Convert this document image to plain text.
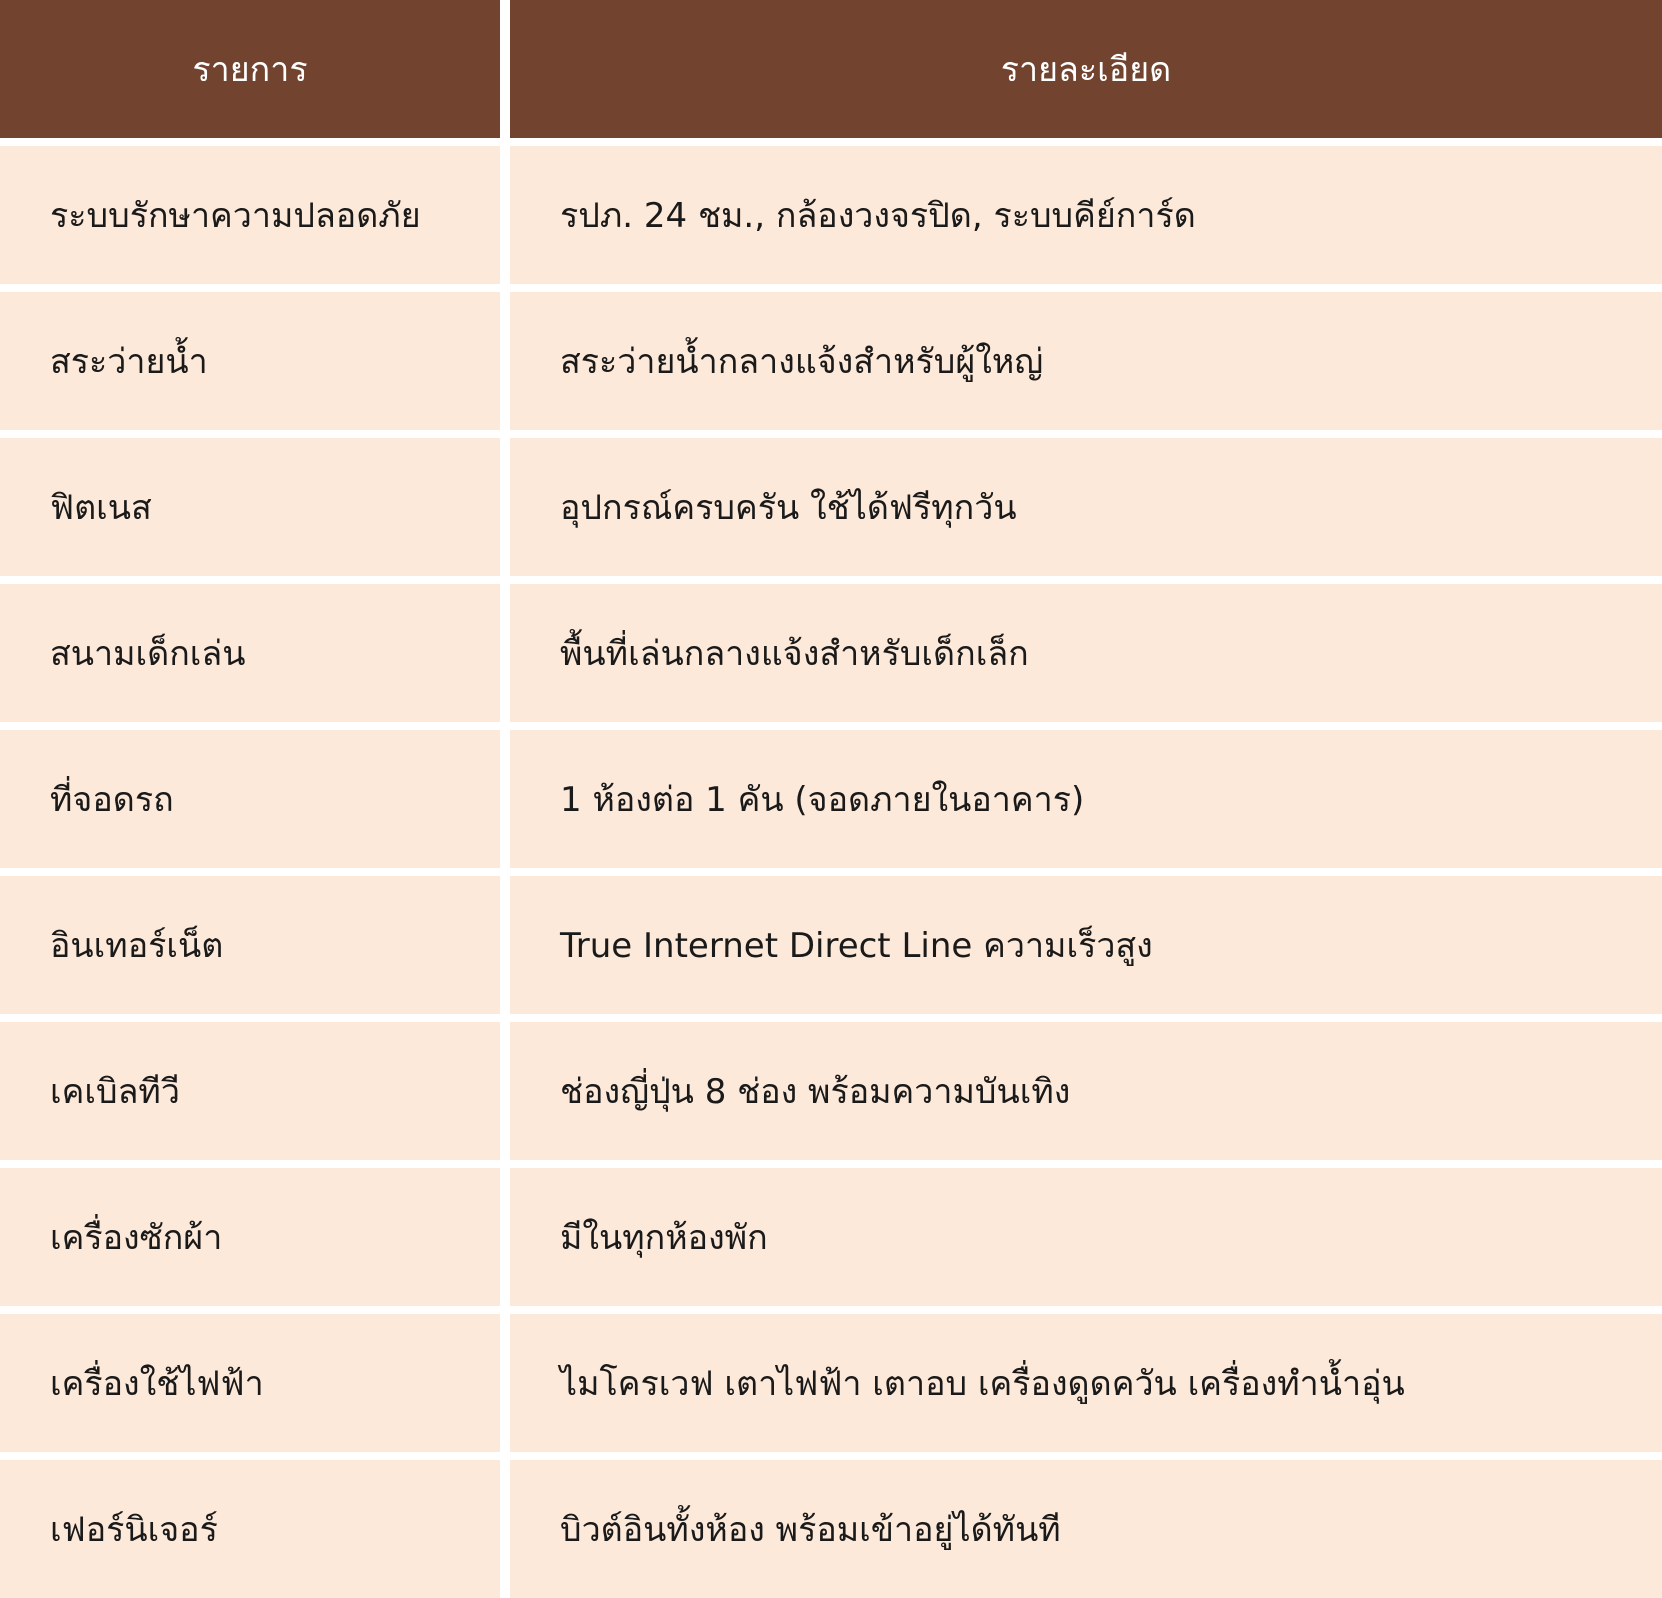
รายการ	รายละเอียด
ระบบรักษาความปลอดภัย	รปภ. 24 ชม., กล้องวงจรปิด, ระบบคีย์การ์ด
สระว่ายน้ำ	สระว่ายน้ำกลางแจ้งสำหรับผู้ใหญ่
ฟิตเนส	อุปกรณ์ครบครัน ใช้ได้ฟรีทุกวัน
สนามเด็กเล่น	พื้นที่เล่นกลางแจ้งสำหรับเด็กเล็ก
ที่จอดรถ	1 ห้องต่อ 1 คัน (จอดภายในอาคาร)
อินเทอร์เน็ต	True Internet Direct Line ความเร็วสูง
เคเบิลทีวี	ช่องญี่ปุ่น 8 ช่อง พร้อมความบันเทิง
เครื่องซักผ้า	มีในทุกห้องพัก
เครื่องใช้ไฟฟ้า	ไมโครเวฟ เตาไฟฟ้า เตาอบ เครื่องดูดควัน เครื่องทำน้ำอุ่น
เฟอร์นิเจอร์	บิวต์อินทั้งห้อง พร้อมเข้าอยู่ได้ทันที
